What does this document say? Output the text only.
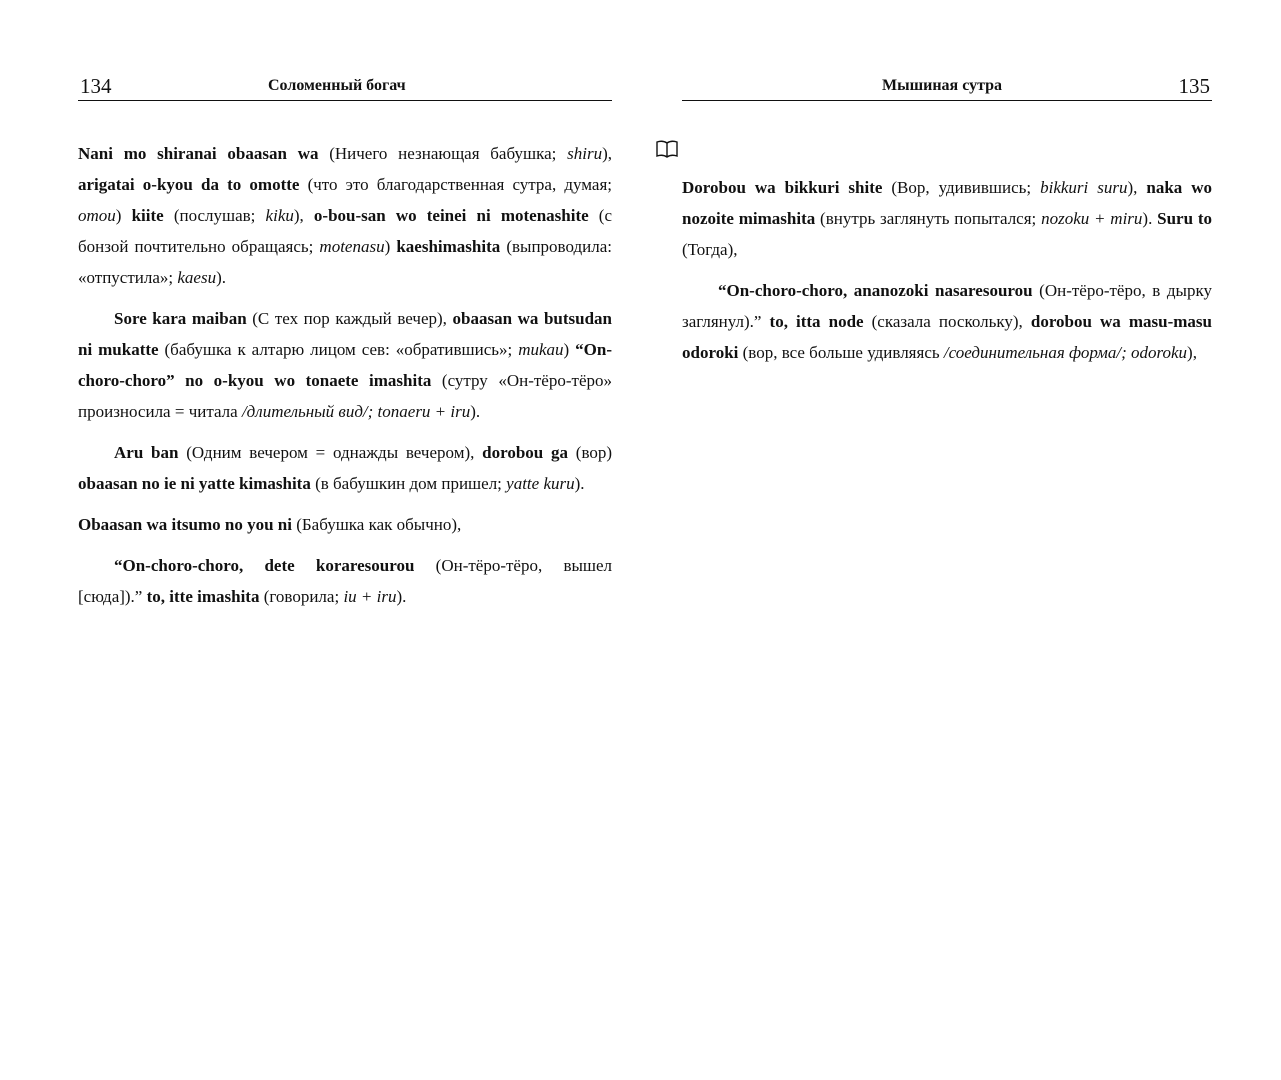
134	Соломенный богач

Nani mo shiranai obaasan wa (Ничего незнающая бабушка; shiru), arigatai o-kyou da to omotte (что это благодарственная сутра, думая; omou) kiite (послушав; kiku), o-bou-san wo teinei ni motenashite (с бонзой почтительно обращаясь; motenasu) kaeshimashita (выпроводила: «отпустила»; kaesu).

Sore kara maiban (С тех пор каждый вечер), obaasan wa butsudan ni mukatte (бабушка к алтарю лицом сев: «обратившись»; mukau) “On-choro-choro” no o-kyou wo tonaete imashita (сутру «Он-тёро-тёро» произносила = читала /длительный вид/; tonaeru + iru).

Aru ban (Одним вечером = однажды вечером), dorobou ga (вор) obaasan no ie ni yatte kimashita (в бабушкин дом пришел; yatte kuru).

Obaasan wa itsumo no you ni (Бабушка как обычно),

“On-choro-choro, dete koraresourou (Он-тёро-тёро, вышел [сюда]).” to, itte imashita (говорила; iu + iru).

Мышиная сутра	135

Dorobou wa bikkuri shite (Вор, удивившись; bikkuri suru), naka wo nozoite mimashita (внутрь заглянуть попытался; nozoku + miru). Suru to (Тогда),

“On-choro-choro, ananozoki nasaresourou (Он-тёро-тёро, в дырку заглянул).” to, itta node (сказала поскольку), dorobou wa masu-masu odoroki (вор, все больше удивляясь /соединительная форма/; odoroku),
